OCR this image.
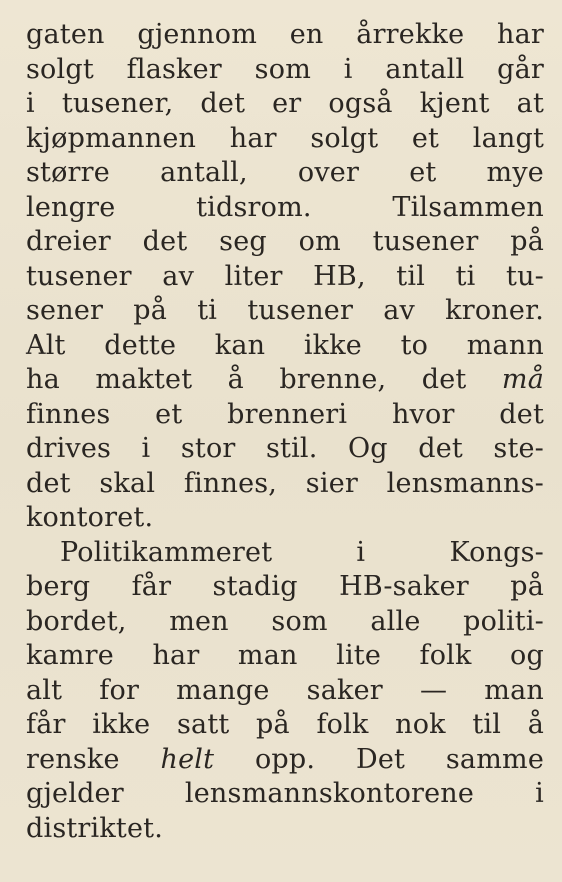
gaten gjennom en årrekke har
solgt flasker som i antall går
i tusener, det er også kjent at
kjøpmannen har solgt et langt
større antall, over et mye
lengre tidsrom. Tilsammen
dreier det seg om tusener på
tusener av liter HB, til ti tu-
sener på ti tusener av kroner.
Alt dette kan ikke to mann
ha maktet å brenne, det må
finnes et brenneri hvor det
drives i stor stil. Og det ste-
det skal finnes, sier lensmanns-
kontoret.
Politikammeret i Kongs-
berg får stadig HB-saker på
bordet, men som alle politi-
kamre har man lite folk og
alt for mange saker — man
får ikke satt på folk nok til å
renske helt opp. Det samme
gjelder lensmannskontorene i
distriktet.
